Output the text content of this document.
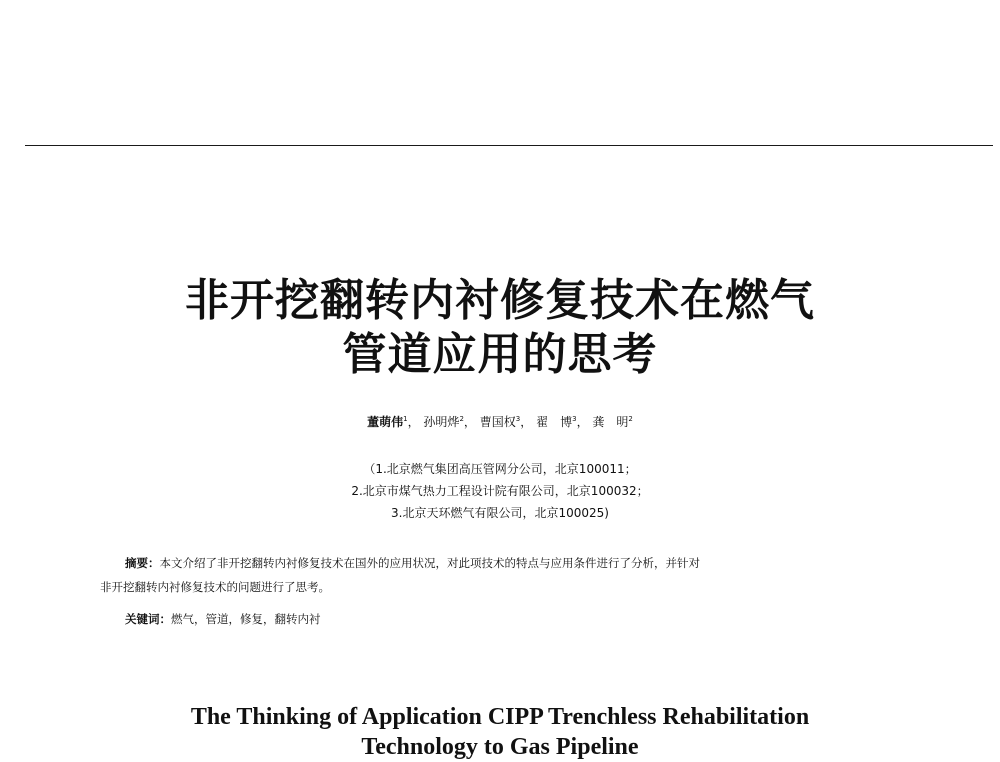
非开挖翻转内衬修复技术在燃气
管道应用的思考
董萌伟$^1$， 孙明烨$^2$， 曹国权$^3$， 翟　博$^3$， 龚　明$^2$
（1.北京燃气集团高压管网分公司，北京100011；
2.北京市煤气热力工程设计院有限公司，北京100032；
3.北京天环燃气有限公司，北京100025)
摘要：本文介绍了非开挖翻转内衬修复技术在国外的应用状况，对此项技术的特点与应用条件进行了分析，并针对
非开挖翻转内衬修复技术的问题进行了思考。
关键词：燃气，管道，修复，翻转内衬
The Thinking of Application CIPP Trenchless Rehabilitation
Technology to Gas Pipeline
